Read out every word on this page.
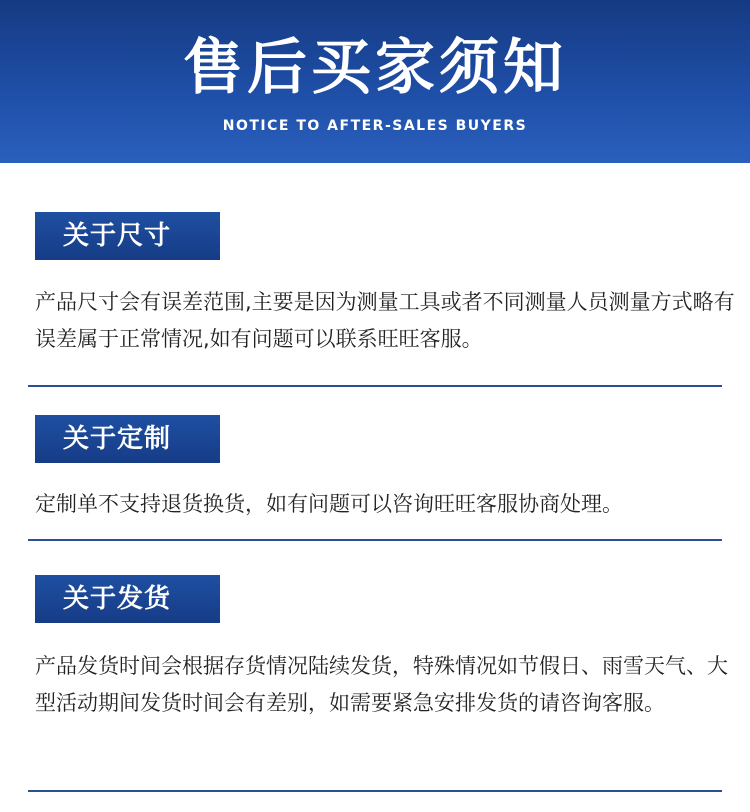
售后买家须知
NOTICE TO AFTER-SALES BUYERS
关于尺寸
产品尺寸会有误差范围,主要是因为测量工具或者不同测量人员测量方式略有误差属于正常情况,如有问题可以联系旺旺客服。
关于定制
定制单不支持退货换货，如有问题可以咨询旺旺客服协商处理。
关于发货
产品发货时间会根据存货情况陆续发货，特殊情况如节假日、雨雪天气、大型活动期间发货时间会有差别，如需要紧急安排发货的请咨询客服。
